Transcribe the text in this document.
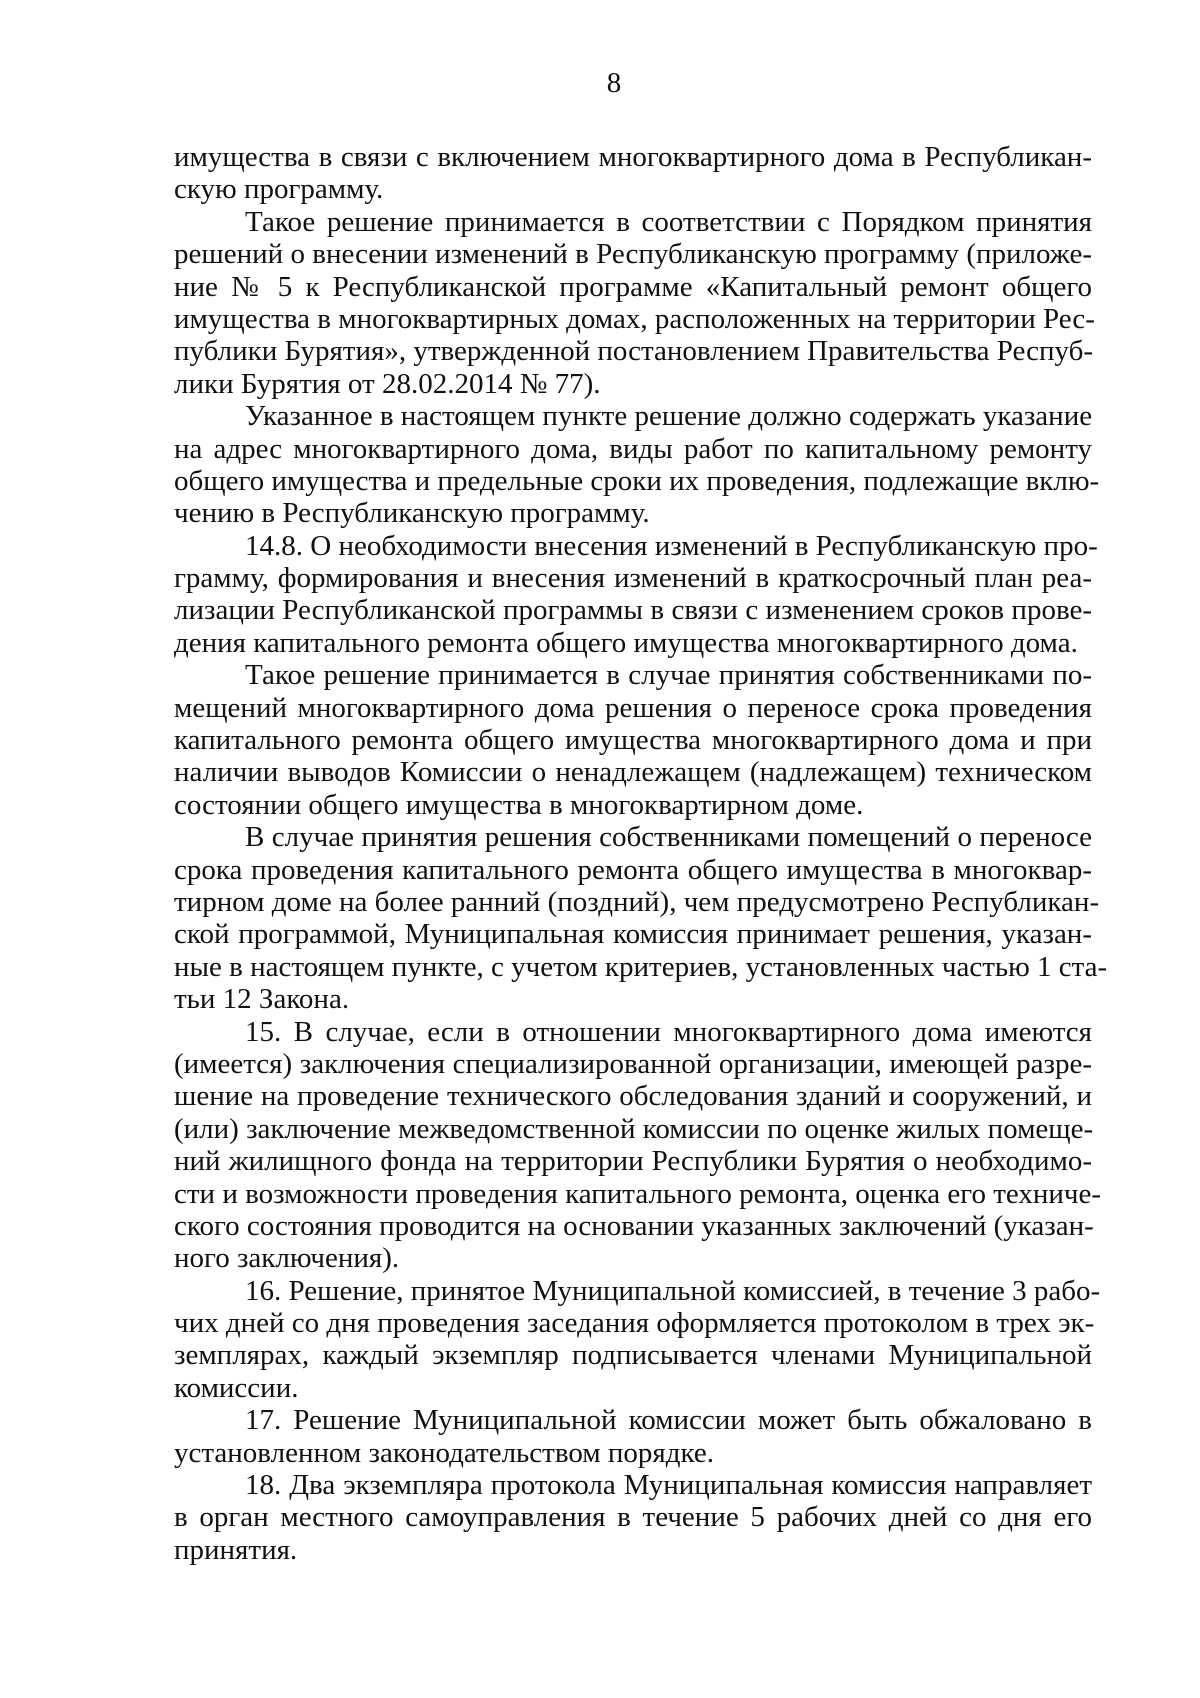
8
имущества в связи с включением многоквартирного дома в Республикан-
скую программу.
Такое решение принимается в соответствии с Порядком принятия
решений о внесении изменений в Республиканскую программу (приложе-
ние № 5 к Республиканской программе «Капитальный ремонт общего
имущества в многоквартирных домах, расположенных на территории Рес-
публики Бурятия», утвержденной постановлением Правительства Респуб-
лики Бурятия от 28.02.2014 № 77).
Указанное в настоящем пункте решение должно содержать указание
на адрес многоквартирного дома, виды работ по капитальному ремонту
общего имущества и предельные сроки их проведения, подлежащие вклю-
чению в Республиканскую программу.
14.8. О необходимости внесения изменений в Республиканскую про-
грамму, формирования и внесения изменений в краткосрочный план реа-
лизации Республиканской программы в связи с изменением сроков прове-
дения капитального ремонта общего имущества многоквартирного дома.
Такое решение принимается в случае принятия собственниками по-
мещений многоквартирного дома решения о переносе срока проведения
капитального ремонта общего имущества многоквартирного дома и при
наличии выводов Комиссии о ненадлежащем (надлежащем) техническом
состоянии общего имущества в многоквартирном доме.
В случае принятия решения собственниками помещений о переносе
срока проведения капитального ремонта общего имущества в многоквар-
тирном доме на более ранний (поздний), чем предусмотрено Республикан-
ской программой, Муниципальная комиссия принимает решения, указан-
ные в настоящем пункте, с учетом критериев, установленных частью 1 ста-
тьи 12 Закона.
15. В случае, если в отношении многоквартирного дома имеются
(имеется) заключения специализированной организации, имеющей разре-
шение на проведение технического обследования зданий и сооружений, и
(или) заключение межведомственной комиссии по оценке жилых помеще-
ний жилищного фонда на территории Республики Бурятия о необходимо-
сти и возможности проведения капитального ремонта, оценка его техниче-
ского состояния проводится на основании указанных заключений (указан-
ного заключения).
16. Решение, принятое Муниципальной комиссией, в течение 3 рабо-
чих дней со дня проведения заседания оформляется протоколом в трех эк-
земплярах, каждый экземпляр подписывается членами Муниципальной
комиссии.
17. Решение Муниципальной комиссии может быть обжаловано в
установленном законодательством порядке.
18. Два экземпляра протокола Муниципальная комиссия направляет
в орган местного самоуправления в течение 5 рабочих дней со дня его
принятия.
